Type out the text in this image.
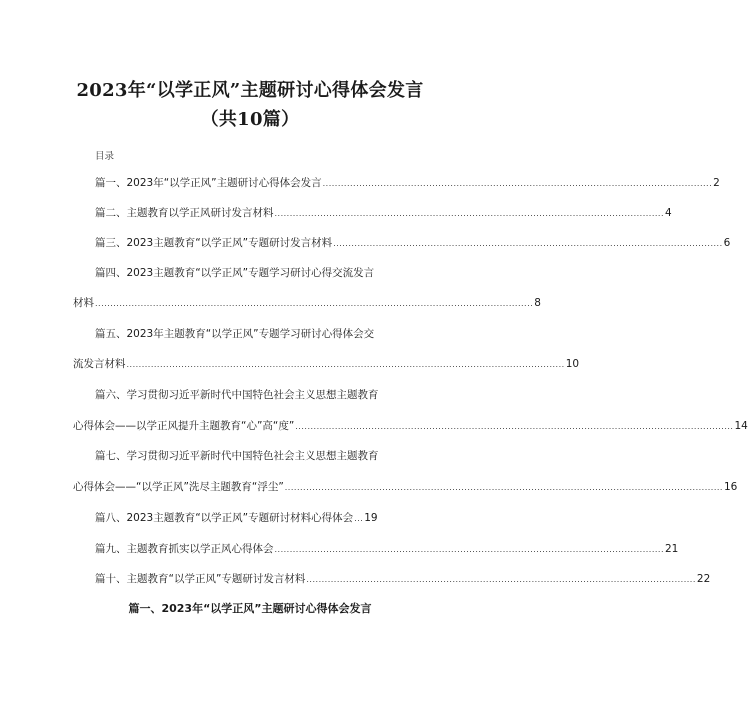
2023年“以学正风”主题研讨心得体会发言
（共10篇）
目录
篇一、2023年“以学正风”主题研讨心得体会发言 ................................................................................................................................ 2
篇二、主题教育以学正风研讨发言材料 ................................................................................................................................ 4
篇三、2023主题教育“以学正风”专题研讨发言材料 ................................................................................................................................ 6
篇四、2023主题教育“以学正风”专题学习研讨心得交流发言
材料 ................................................................................................................................................ 8
篇五、2023年主题教育“以学正风”专题学习研讨心得体会交
流发言材料 ................................................................................................................................................ 10
篇六、学习贯彻习近平新时代中国特色社会主义思想主题教育
心得体会——以学正风提升主题教育“心”高“度” ................................................................................................................................................ 14
篇七、学习贯彻习近平新时代中国特色社会主义思想主题教育
心得体会——“以学正风”洗尽主题教育“浮尘” ................................................................................................................................................ 16
篇八、2023主题教育“以学正风”专题研讨材料心得体会 ... 19
篇九、主题教育抓实以学正风心得体会 ................................................................................................................................ 21
篇十、主题教育“以学正风”专题研讨发言材料 ................................................................................................................................ 22
篇一、2023年“以学正风”主题研讨心得体会发言
